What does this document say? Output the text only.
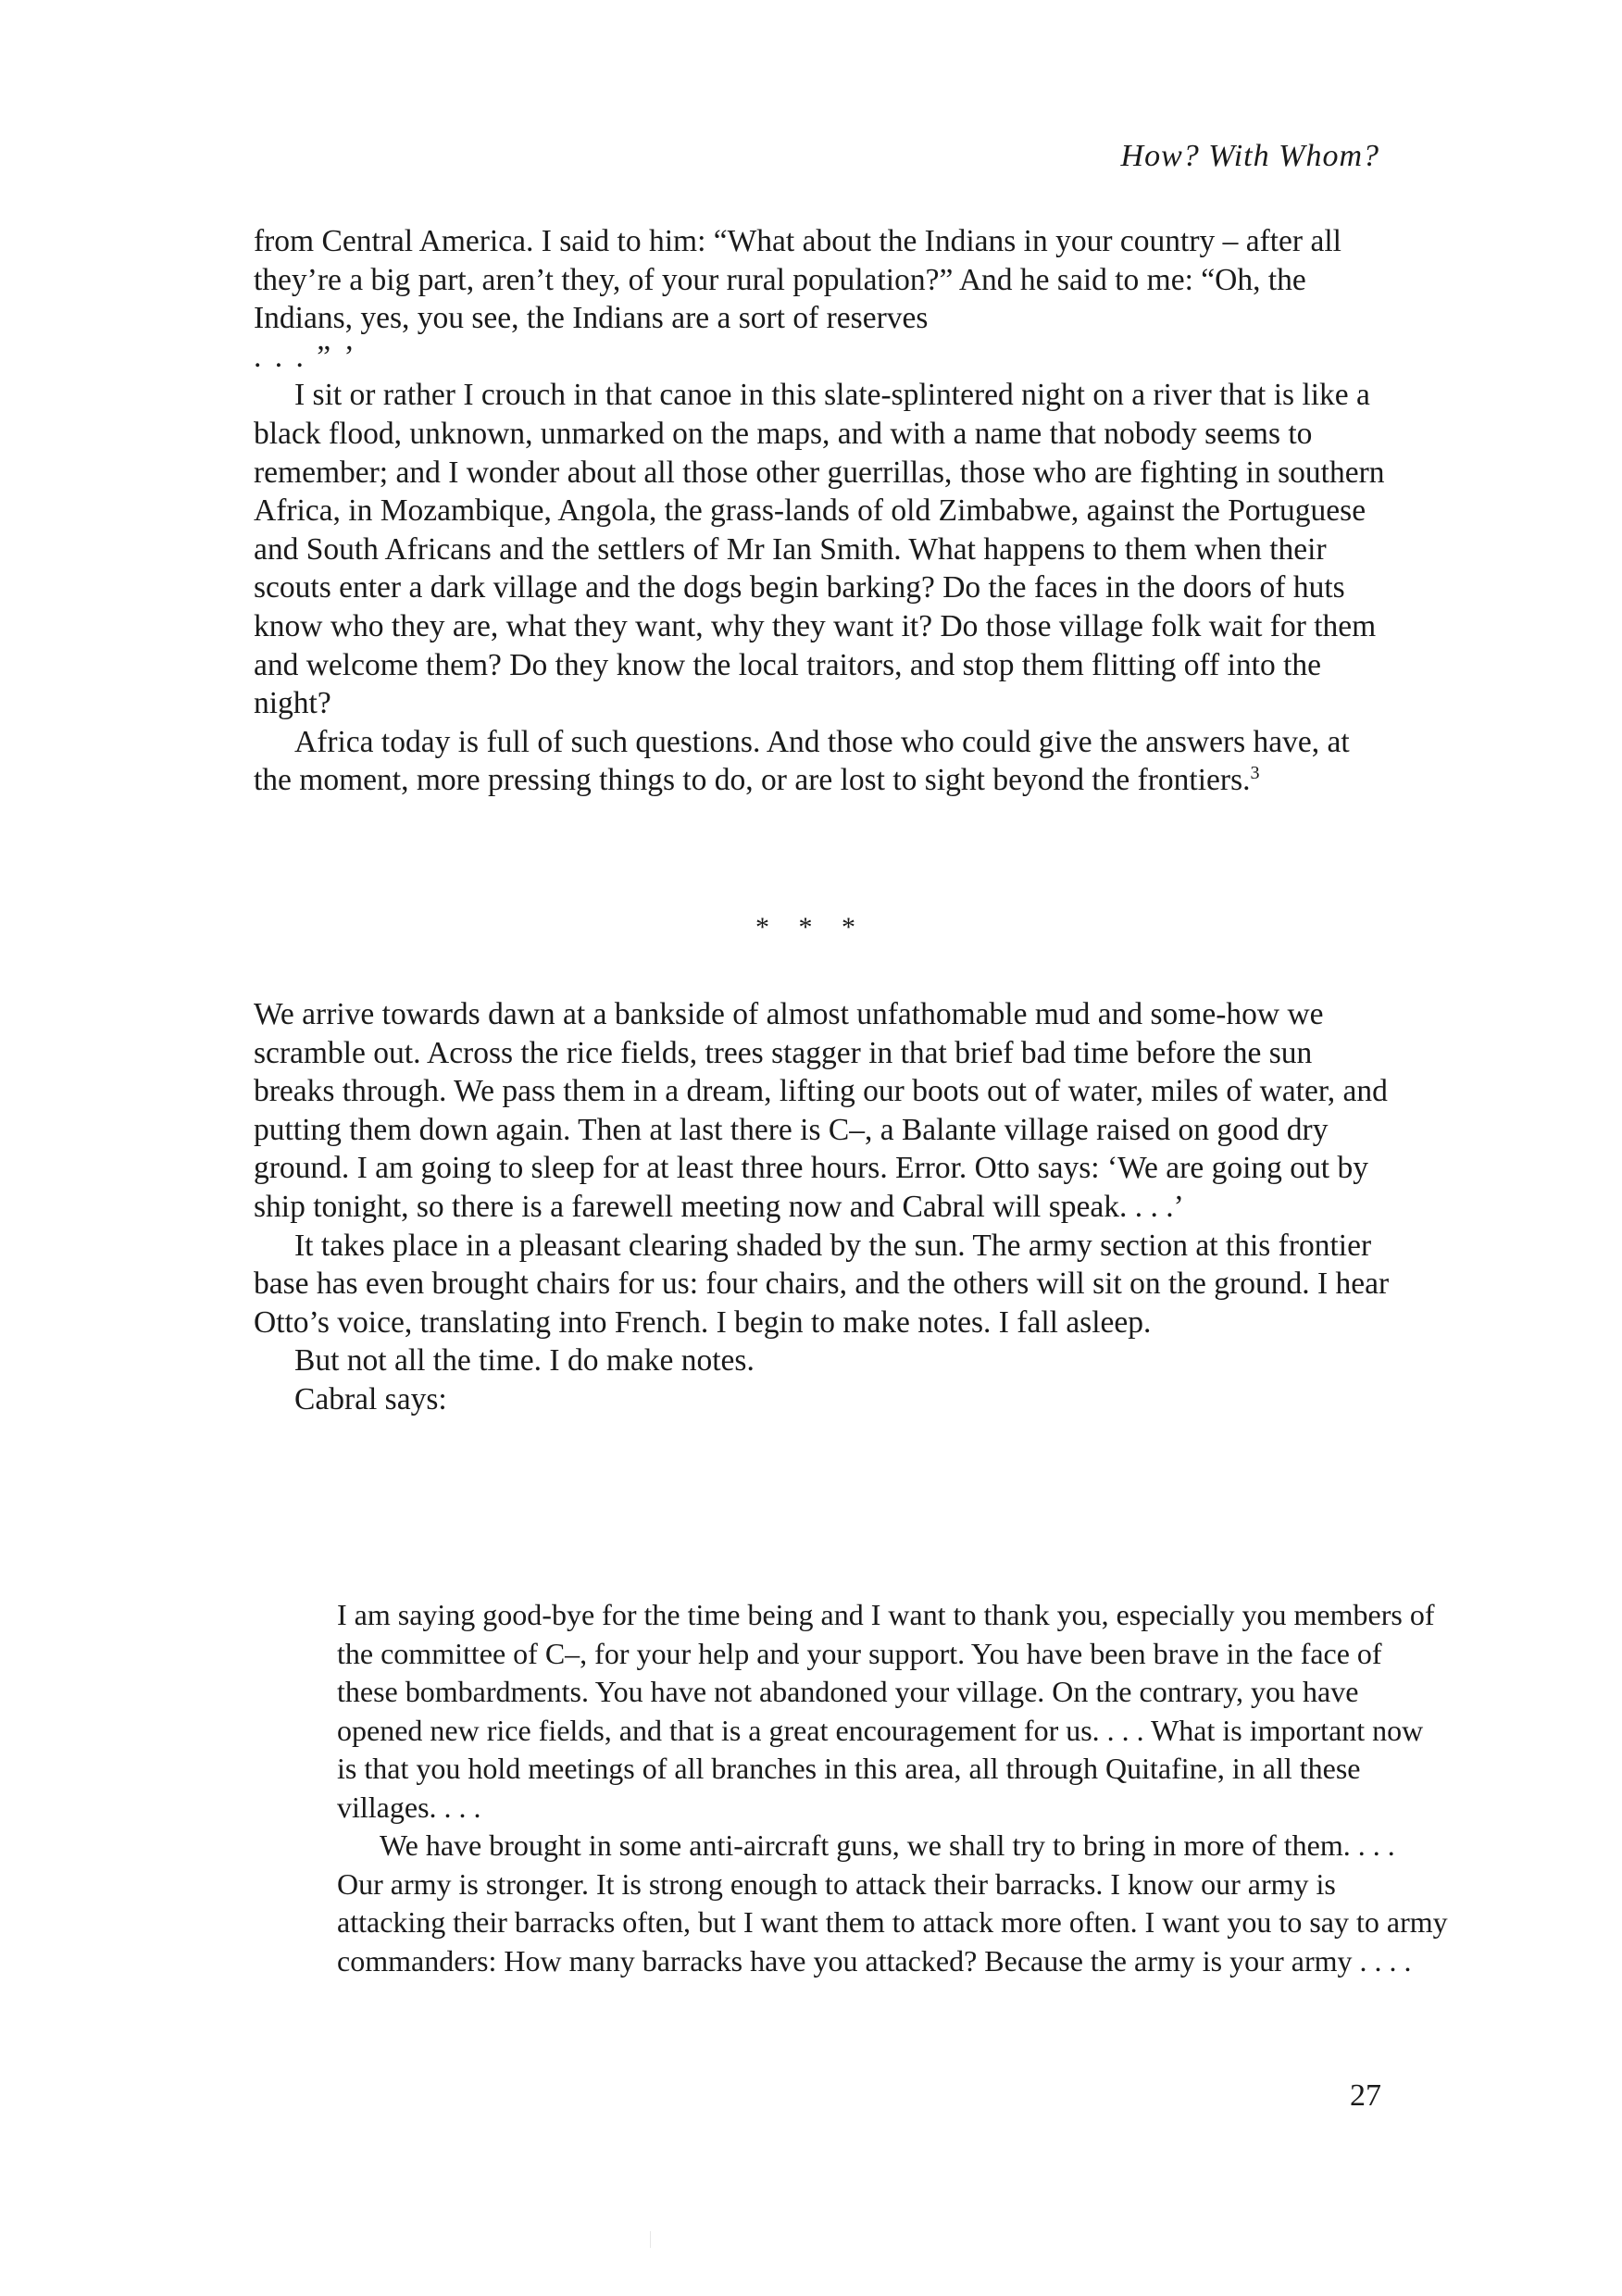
How? With Whom?

from Central America. I said to him: “What about the Indians in your country – after all they’re a big part, aren’t they, of your rural population?” And he said to me: “Oh, the Indians, yes, you see, the Indians are a sort of reserves

. . . ” ’

I sit or rather I crouch in that canoe in this slate-splintered night on a river that is like a black flood, unknown, unmarked on the maps, and with a name that nobody seems to remember; and I wonder about all those other guerrillas, those who are fighting in southern Africa, in Mozambique, Angola, the grass-lands of old Zimbabwe, against the Portuguese and South Africans and the settlers of Mr Ian Smith. What happens to them when their scouts enter a dark village and the dogs begin barking? Do the faces in the doors of huts know who they are, what they want, why they want it? Do those village folk wait for them and welcome them? Do they know the local traitors, and stop them flitting off into the night?

Africa today is full of such questions. And those who could give the answers have, at the moment, more pressing things to do, or are lost to sight beyond the frontiers.$^3$

* * *

We arrive towards dawn at a bankside of almost unfathomable mud and some-how we scramble out. Across the rice fields, trees stagger in that brief bad time before the sun breaks through. We pass them in a dream, lifting our boots out of water, miles of water, and putting them down again. Then at last there is C–, a Balante village raised on good dry ground. I am going to sleep for at least three hours. Error. Otto says: ‘We are going out by ship tonight, so there is a farewell meeting now and Cabral will speak. . . .’

It takes place in a pleasant clearing shaded by the sun. The army section at this frontier base has even brought chairs for us: four chairs, and the others will sit on the ground. I hear Otto’s voice, translating into French. I begin to make notes. I fall asleep.

But not all the time. I do make notes.

Cabral says:

I am saying good-bye for the time being and I want to thank you, especially you members of the committee of C–, for your help and your support. You have been brave in the face of these bombardments. You have not abandoned your village. On the contrary, you have opened new rice fields, and that is a great encouragement for us. . . . What is important now is that you hold meetings of all branches in this area, all through Quitafine, in all these villages. . . .

We have brought in some anti-aircraft guns, we shall try to bring in more of them. . . . Our army is stronger. It is strong enough to attack their barracks. I know our army is attacking their barracks often, but I want them to attack more often. I want you to say to army commanders: How many barracks have you attacked? Because the army is your army . . . .

27
